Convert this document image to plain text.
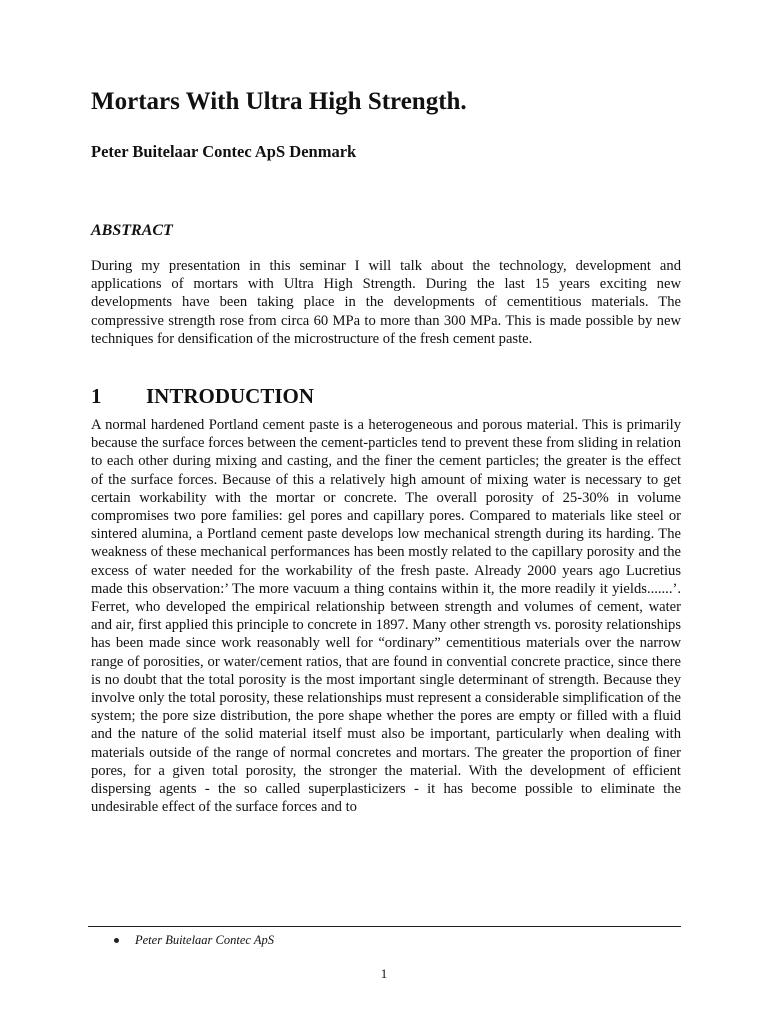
Mortars With Ultra High Strength.

Peter Buitelaar Contec ApS Denmark

ABSTRACT

During my presentation in this seminar I will talk about the technology, development and applications of mortars with Ultra High Strength. During the last 15 years exciting new developments have been taking place in the developments of cementitious materials. The compressive strength rose from circa 60 MPa to more than 300 MPa. This is made possible by new techniques for densification of the microstructure of the fresh cement paste.

1	INTRODUCTION

A normal hardened Portland cement paste is a heterogeneous and porous material. This is primarily because the surface forces between the cement-particles tend to prevent these from sliding in relation to each other during mixing and casting, and the finer the cement particles; the greater is the effect of the surface forces. Because of this a relatively high amount of mixing water is necessary to get certain workability with the mortar or concrete. The overall porosity of 25-30% in volume compromises two pore families: gel pores and capillary pores. Compared to materials like steel or sintered alumina, a Portland cement paste develops low mechanical strength during its harding. The weakness of these mechanical performances has been mostly related to the capillary porosity and the excess of water needed for the workability of the fresh paste. Already 2000 years ago Lucretius made this observation:’ The more vacuum a thing contains within it, the more readily it yields.......’. Ferret, who developed the empirical relationship between strength and volumes of cement, water and air, first applied this principle to concrete in 1897. Many other strength vs. porosity relationships has been made since work reasonably well for “ordinary” cementitious materials over the narrow range of porosities, or water/cement ratios, that are found in convential concrete practice, since there is no doubt that the total porosity is the most important single determinant of strength. Because they involve only the total porosity, these relationships must represent a considerable simplification of the system; the pore size distribution, the pore shape whether the pores are empty or filled with a fluid and the nature of the solid material itself must also be important, particularly when dealing with materials outside of the range of normal concretes and mortars. The greater the proportion of finer pores, for a given total porosity, the stronger the material. With the development of efficient dispersing agents - the so called superplasticizers - it has become possible to eliminate the undesirable effect of the surface forces and to

Peter Buitelaar Contec ApS
1
